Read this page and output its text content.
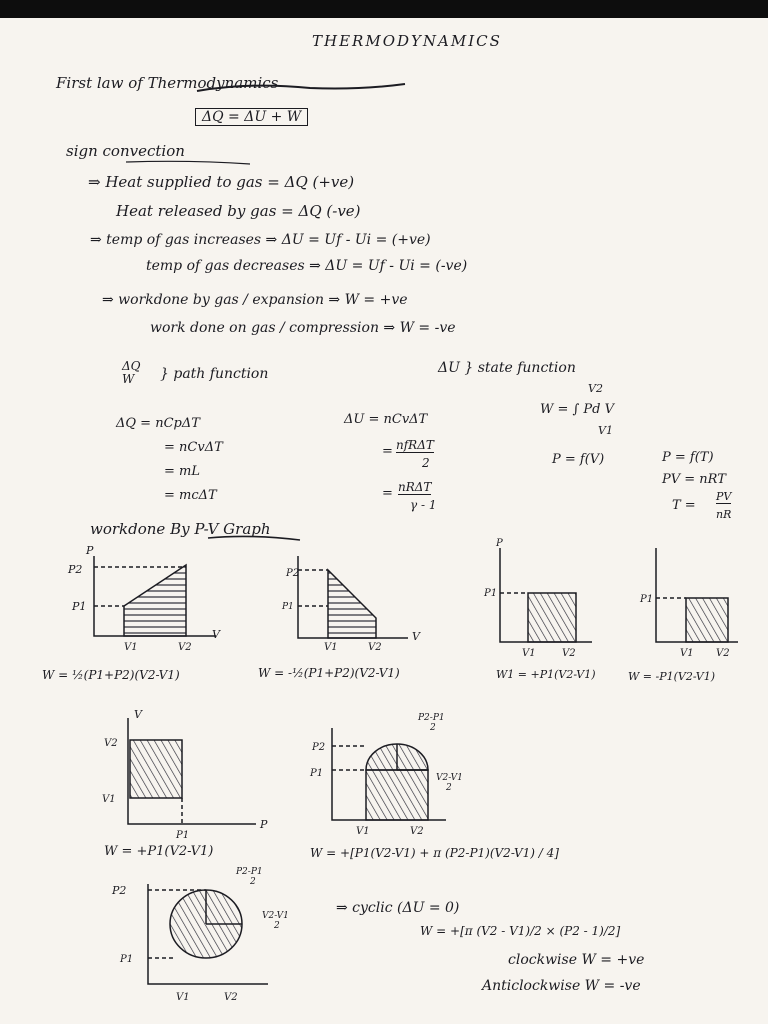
THERMODYNAMICS
First law of Thermodynamics
ΔQ = ΔU + W
sign convection
⇒ Heat supplied to gas = ΔQ (+ve)
Heat released by gas = ΔQ (-ve)
⇒ temp of gas increases ⇒ ΔU = Uf - Ui = (+ve)
temp of gas decreases ⇒ ΔU = Uf - Ui = (-ve)
⇒ workdone by gas / expansion ⇒ W = +ve
work done on gas / compression ⇒ W = -ve
ΔQ
W	} path function	ΔU } state function
ΔQ = nCpΔT
= nCvΔT
= mL
= mcΔT
ΔU = nCvΔT
= nfRΔT
2
= nRΔT
γ - 1
V2
W = ∫ Pd V
V1
P = f(V)	P = f(T)
PV = nRT
T =
PV
nR
workdone By P-V Graph
W = ½(P1+P2)(V2-V1)	W = -½(P1+P2)(V2-V1)	W1 = +P1(V2-V1)	W = -P1(V2-V1)
W = +P1(V2-V1)	W = +[P1(V2-V1) + π (P2-P1)(V2-V1) / 4]
⇒ cyclic (ΔU = 0)
W = +[π (V2 - V1)/2 × (P2 - 1)/2]
clockwise W = +ve
Anticlockwise W = -ve
P
P2
P1
V1	V2
V
P2
P1
V1	V2
V
P
P1
V1	V2
P1
V1 V2
V
V2
V1
P1
P
P2
P1
V1	V2
P2-P1
2
V2-V1
2
P2
P1
V1	V2
P2-P1
2
V2-V1
2
